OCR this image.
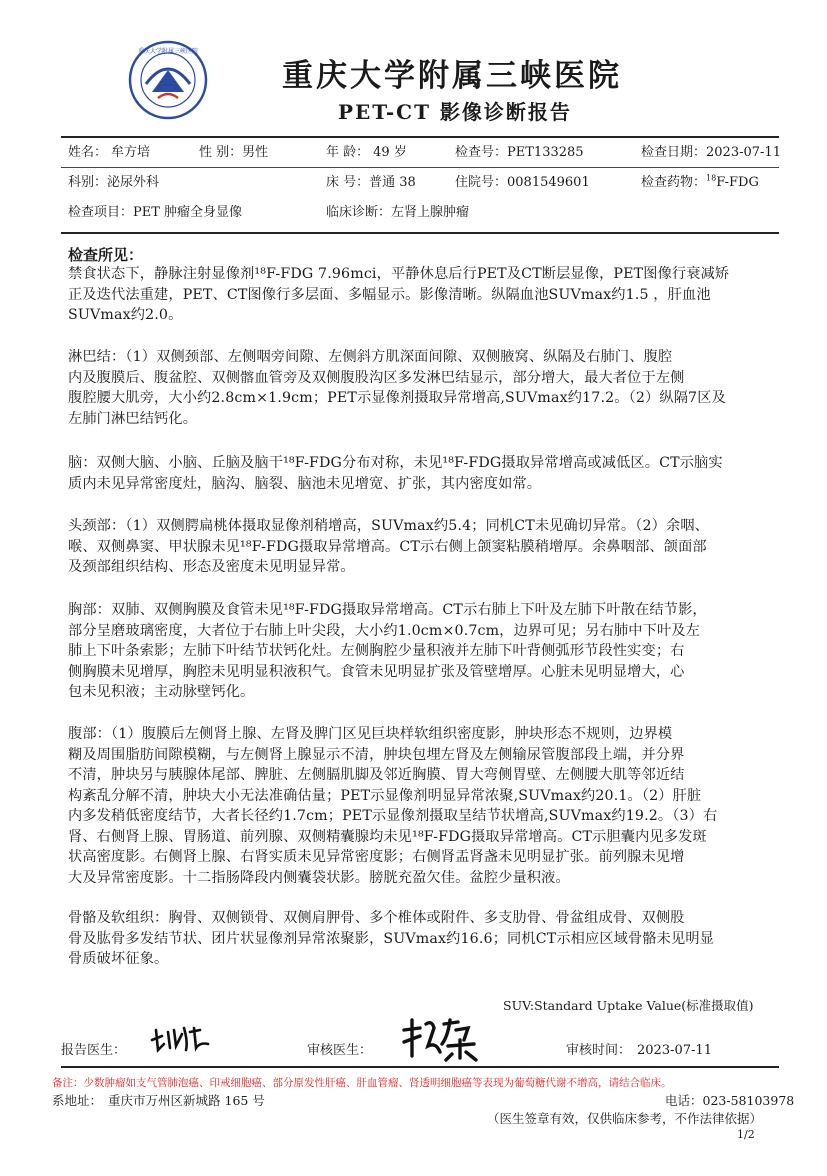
重庆大学附属三峡医院
重庆大学附属三峡医院
PET-CT 影像诊断报告
姓名： 牟方培	性 别：男性	年 龄： 49 岁	检查号：PET133285	检查日期：2023-07-11
科别：泌尿外科	床 号：普通 38	住院号：0081549601	检查药物：$^{18}$F-FDG
检查项目：PET 肿瘤全身显像	临床诊断：左肾上腺肿瘤
检查所见：
禁食状态下，静脉注射显像剂¹⁸F-FDG 7.96mci，平静休息后行PET及CT断层显像，PET图像行衰减矫
正及迭代法重建，PET、CT图像行多层面、多幅显示。影像清晰。纵隔血池SUVmax约1.5 ，肝血池
SUVmax约2.0。
淋巴结：（1）双侧颈部、左侧咽旁间隙、左侧斜方肌深面间隙、双侧腋窝、纵隔及右肺门、腹腔
内及腹膜后、腹盆腔、双侧髂血管旁及双侧腹股沟区多发淋巴结显示，部分增大，最大者位于左侧
腹腔腰大肌旁，大小约2.8cm×1.9cm；PET示显像剂摄取异常增高,SUVmax约17.2。（2）纵隔7区及
左肺门淋巴结钙化。
脑：双侧大脑、小脑、丘脑及脑干¹⁸F-FDG分布对称，未见¹⁸F-FDG摄取异常增高或减低区。CT示脑实
质内未见异常密度灶，脑沟、脑裂、脑池未见增宽、扩张，其内密度如常。
头颈部：（1）双侧腭扁桃体摄取显像剂稍增高，SUVmax约5.4；同机CT未见确切异常。（2）余咽、
喉、双侧鼻窦、甲状腺未见¹⁸F-FDG摄取异常增高。CT示右侧上颌窦粘膜稍增厚。余鼻咽部、颌面部
及颈部组织结构、形态及密度未见明显异常。
胸部：双肺、双侧胸膜及食管未见¹⁸F-FDG摄取异常增高。CT示右肺上下叶及左肺下叶散在结节影，
部分呈磨玻璃密度，大者位于右肺上叶尖段，大小约1.0cm×0.7cm，边界可见；另右肺中下叶及左
肺上下叶条索影；左肺下叶结节状钙化灶。左侧胸腔少量积液并左肺下叶背侧弧形节段性实变；右
侧胸膜未见增厚，胸腔未见明显积液积气。食管未见明显扩张及管壁增厚。心脏未见明显增大，心
包未见积液；主动脉壁钙化。
腹部：（1）腹膜后左侧肾上腺、左肾及脾门区见巨块样软组织密度影，肿块形态不规则，边界模
糊及周围脂肪间隙模糊，与左侧肾上腺显示不清，肿块包埋左肾及左侧输尿管腹部段上端，并分界
不清，肿块另与胰腺体尾部、脾脏、左侧膈肌脚及邻近胸膜、胃大弯侧胃壁、左侧腰大肌等邻近结
构紊乱分解不清，肿块大小无法准确估量；PET示显像剂明显异常浓聚,SUVmax约20.1。（2）肝脏
内多发稍低密度结节，大者长径约1.7cm；PET示显像剂摄取呈结节状增高,SUVmax约19.2。（3）右
肾、右侧肾上腺、胃肠道、前列腺、双侧精囊腺均未见¹⁸F-FDG摄取异常增高。CT示胆囊内见多发斑
状高密度影。右侧肾上腺、右肾实质未见异常密度影；右侧肾盂肾盏未见明显扩张。前列腺未见增
大及异常密度影。十二指肠降段内侧囊袋状影。膀胱充盈欠佳。盆腔少量积液。
骨骼及软组织：胸骨、双侧锁骨、双侧肩胛骨、多个椎体或附件、多支肋骨、骨盆组成骨、双侧股
骨及肱骨多发结节状、团片状显像剂异常浓聚影，SUVmax约16.6；同机CT示相应区域骨骼未见明显
骨质破坏征象。
SUV:Standard Uptake Value(标准摄取值)
报告医生：	审核医生：	审核时间： 2023-07-11
备注：少数肿瘤如支气管肺泡癌、印戒细胞癌、部分原发性肝癌、肝血管瘤、肾透明细胞癌等表现为葡萄糖代谢不增高，请结合临床。
系地址： 重庆市万州区新城路 165 号	电话：023-58103978
（医生签章有效，仅供临床参考，不作法律依据）
1/2
